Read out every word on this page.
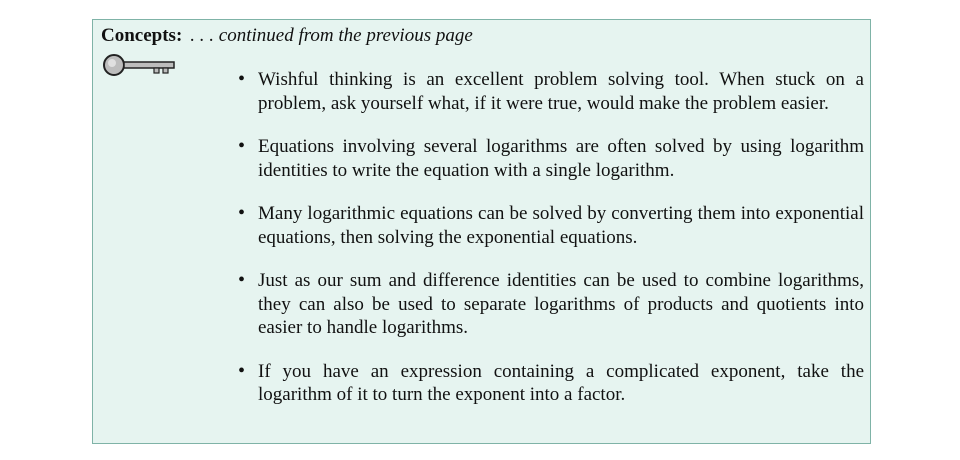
Concepts: . . . continued from the previous page
• Wishful thinking is an excellent problem solving tool. When stuck on a problem, ask yourself what, if it were true, would make the problem easier.
• Equations involving several logarithms are often solved by using logarithm identities to write the equation with a single logarithm.
• Many logarithmic equations can be solved by converting them into exponential equations, then solving the exponential equations.
• Just as our sum and difference identities can be used to combine logarithms, they can also be used to separate logarithms of products and quotients into easier to handle logarithms.
• If you have an expression containing a complicated exponent, take the logarithm of it to turn the exponent into a factor.
